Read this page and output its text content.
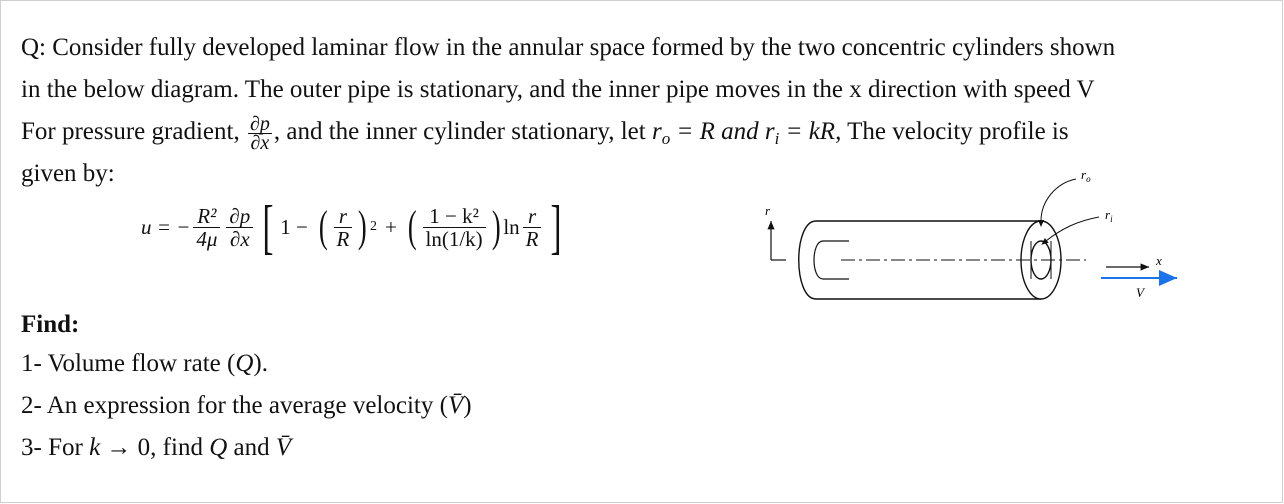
Q: Consider fully developed laminar flow in the annular space formed by the two concentric cylinders shown
in the below diagram. The outer pipe is stationary, and the inner pipe moves in the x direction with speed V
For pressure gradient, $\frac{\partial p}{\partial x}$ , and the inner cylinder stationary, let $r_o = R$ and $r_i$ = kR, The velocity profile is
given by:
u = − $\frac{\text{R²}}{4\mu} \frac{\partial p}{\partial x}$ [ 1 − ( $\frac{r}{R}$ ) 2 + ( $\frac{\text{1 − k²}}{\ln(1/k)}$ ) $\ln \frac{r}{R}$ ]	r
$r_o$
$r_i$
x
V
Find:
1- Volume flow rate (Q).
2- An expression for the average velocity (V̄)
3- For k → 0, find Q and V̄
